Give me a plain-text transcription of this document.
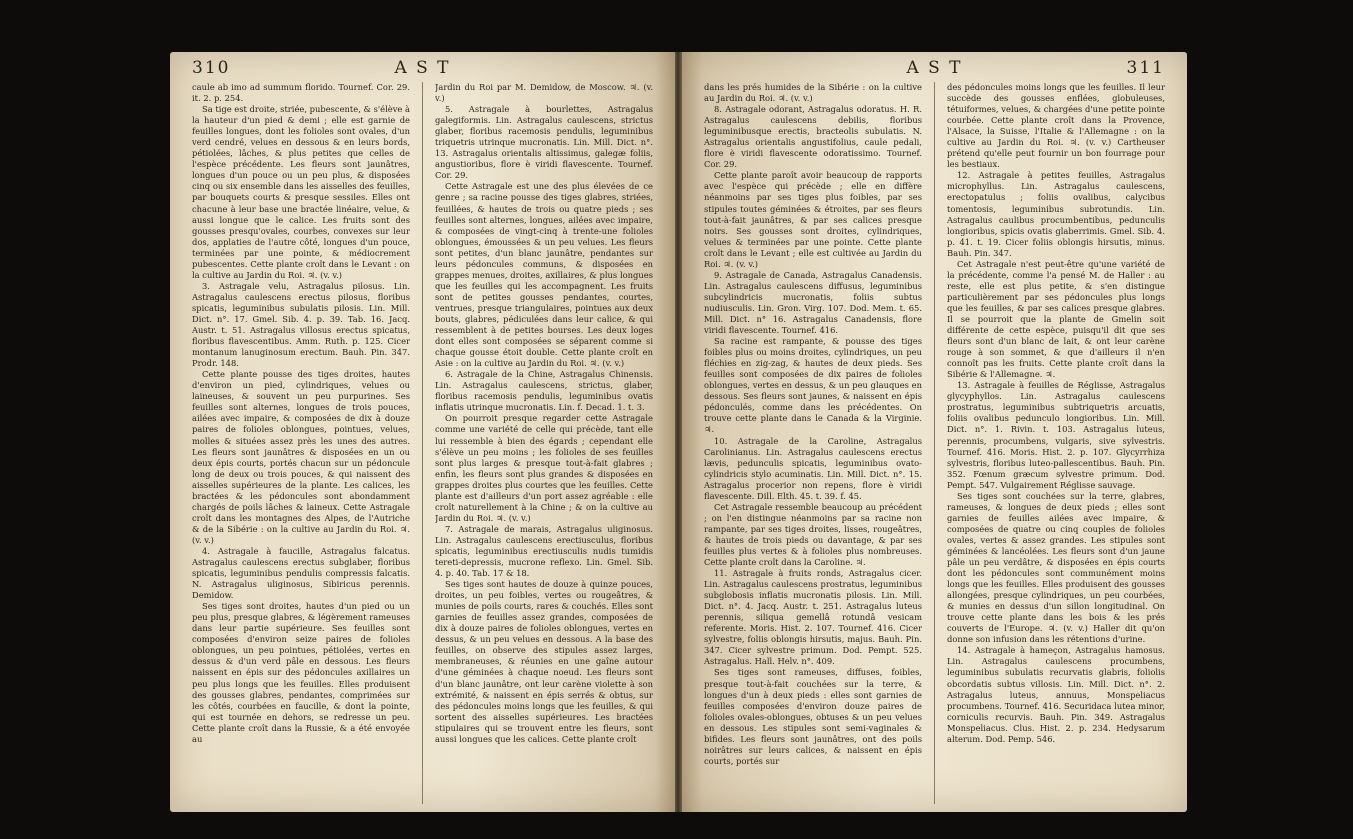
310	A S T

caule ab imo ad summum florido. Tournef. Cor. 29. it. 2. p. 254.

Sa tige est droite, striée, pubescente, & s'élève à la hauteur d'un pied & demi ; elle est garnie de feuilles longues, dont les folioles sont ovales, d'un verd cendré, velues en dessous & en leurs bords, pétiolées, lâches, & plus petites que celles de l'espèce précédente. Les fleurs sont jaunâtres, longues d'un pouce ou un peu plus, & disposées cinq ou six ensemble dans les aisselles des feuilles, par bouquets courts & presque sessiles. Elles ont chacune à leur base une bractée linéaire, velue, & aussi longue que le calice. Les fruits sont des gousses presqu'ovales, courbes, convexes sur leur dos, applaties de l'autre côté, longues d'un pouce, terminées par une pointe, & médiocrement pubescentes. Cette plante croît dans le Levant : on la cultive au Jardin du Roi. ♃. (v. v.)

3. Astragale velu, Astragalus pilosus. Lin. Astragalus caulescens erectus pilosus, floribus spicatis, leguminibus subulatis pilosis. Lin. Mill. Dict. n°. 17. Gmel. Sib. 4. p. 39. Tab. 16. Jacq. Austr. t. 51. Astragalus villosus erectus spicatus, floribus flavescentibus. Amm. Ruth. p. 125. Cicer montanum lanuginosum erectum. Bauh. Pin. 347. Prodr. 148.

Cette plante pousse des tiges droites, hautes d'environ un pied, cylindriques, velues ou laineuses, & souvent un peu purpurines. Ses feuilles sont alternes, longues de trois pouces, ailées avec impaire, & composées de dix à douze paires de folioles oblongues, pointues, velues, molles & situées assez près les unes des autres. Les fleurs sont jaunâtres & disposées en un ou deux épis courts, portés chacun sur un pédoncule long de deux ou trois pouces, & qui naissent des aisselles supérieures de la plante. Les calices, les bractées & les pédoncules sont abondamment chargés de poils lâches & laineux. Cette Astragale croît dans les montagnes des Alpes, de l'Autriche & de la Sibérie : on la cultive au Jardin du Roi. ♃. (v. v.)

4. Astragale à faucille, Astragalus falcatus. Astragalus caulescens erectus subglaber, floribus spicatis, leguminibus pendulis compressis falcatis. N. Astragalus uliginosus, Sibiricus perennis. Demidow.

Ses tiges sont droites, hautes d'un pied ou un peu plus, presque glabres, & légèrement rameuses dans leur partie supérieure. Ses feuilles sont composées d'environ seize paires de folioles oblongues, un peu pointues, pétiolées, vertes en dessus & d'un verd pâle en dessous. Les fleurs naissent en épis sur des pédoncules axillaires un peu plus longs que les feuilles. Elles produisent des gousses glabres, pendantes, comprimées sur les côtés, courbées en faucille, & dont la pointe, qui est tournée en dehors, se redresse un peu. Cette plante croît dans la Russie, & a été envoyée au

Jardin du Roi par M. Demidow, de Moscow. ♃. (v. v.)

5. Astragale à bourlettes, Astragalus galegiformis. Lin. Astragalus caulescens, strictus glaber, floribus racemosis pendulis, leguminibus triquetris utrinque mucronatis. Lin. Mill. Dict. n°. 13. Astragalus orientalis altissimus, galegæ foliis, angustioribus, flore è viridi flavescente. Tournef. Cor. 29.

Cette Astragale est une des plus élevées de ce genre ; sa racine pousse des tiges glabres, striées, feuillées, & hautes de trois ou quatre pieds ; ses feuilles sont alternes, longues, ailées avec impaire, & composées de vingt-cinq à trente-une folioles oblongues, émoussées & un peu velues. Les fleurs sont petites, d'un blanc jaunâtre, pendantes sur leurs pédoncules communs, & disposées en grappes menues, droites, axillaires, & plus longues que les feuilles qui les accompagnent. Les fruits sont de petites gousses pendantes, courtes, ventrues, presque triangulaires, pointues aux deux bouts, glabres, pédiculées dans leur calice, & qui ressemblent à de petites bourses. Les deux loges dont elles sont composées se séparent comme si chaque gousse étoit double. Cette plante croît en Asie : on la cultive au Jardin du Roi. ♃. (v. v.)

6. Astragale de la Chine, Astragalus Chinensis. Lin. Astragalus caulescens, strictus, glaber, floribus racemosis pendulis, leguminibus ovatis inflatis utrinque mucronatis. Lin. f. Decad. 1. t. 3.

On pourroit presque regarder cette Astragale comme une variété de celle qui précède, tant elle lui ressemble à bien des égards ; cependant elle s'élève un peu moins ; les folioles de ses feuilles sont plus larges & presque tout-à-fait glabres ; enfin, les fleurs sont plus grandes & disposées en grappes droites plus courtes que les feuilles. Cette plante est d'ailleurs d'un port assez agréable : elle croît naturellement à la Chine ; & on la cultive au Jardin du Roi. ♃. (v. v.)

7. Astragale de marais, Astragalus uliginosus. Lin. Astragalus caulescens erectiusculus, floribus spicatis, leguminibus erectiusculis nudis tumidis tereti-depressis, mucrone reflexo. Lin. Gmel. Sib. 4. p. 40. Tab. 17 & 18.

Ses tiges sont hautes de douze à quinze pouces, droites, un peu foibles, vertes ou rougeâtres, & munies de poils courts, rares & couchés. Elles sont garnies de feuilles assez grandes, composées de dix à douze paires de folioles oblongues, vertes en dessus, & un peu velues en dessous. A la base des feuilles, on observe des stipules assez larges, membraneuses, & réunies en une gaîne autour d'une géminées à chaque noeud. Les fleurs sont d'un blanc jaunâtre, ont leur carène violette à son extrémité, & naissent en épis serrés & obtus, sur des pédoncules moins longs que les feuilles, & qui sortent des aisselles supérieures. Les bractées stipulaires qui se trouvent entre les fleurs, sont aussi longues que les calices. Cette plante croît

A S T	311

dans les prés humides de la Sibérie : on la cultive au Jardin du Roi. ♃. (v. v.)

8. Astragale odorant, Astragalus odoratus. H. R. Astragalus caulescens debilis, floribus leguminibusque erectis, bracteolis subulatis. N. Astragalus orientalis angustifolius, caule pedali, flore è viridi flavescente odoratissimo. Tournef. Cor. 29.

Cette plante paroît avoir beaucoup de rapports avec l'espèce qui précède ; elle en diffère néanmoins par ses tiges plus foibles, par ses stipules toutes géminées & étroites, par ses fleurs tout-à-fait jaunâtres, & par ses calices presque noirs. Ses gousses sont droites, cylindriques, velues & terminées par une pointe. Cette plante croît dans le Levant ; elle est cultivée au Jardin du Roi. ♃. (v. v.)

9. Astragale de Canada, Astragalus Canadensis. Lin. Astragalus caulescens diffusus, leguminibus subcylindricis mucronatis, foliis subtus nudiusculis. Lin. Gron. Virg. 107. Dod. Mem. t. 65. Mill. Dict. n° 16. Astragalus Canadensis, flore viridi flavescente. Tournef. 416.

Sa racine est rampante, & pousse des tiges foibles plus ou moins droites, cylindriques, un peu fléchies en zig-zag, & hautes de deux pieds. Ses feuilles sont composées de dix paires de folioles oblongues, vertes en dessus, & un peu glauques en dessous. Ses fleurs sont jaunes, & naissent en épis pédonculés, comme dans les précédentes. On trouve cette plante dans le Canada & la Virginie. ♃.

10. Astragale de la Caroline, Astragalus Carolinianus. Lin. Astragalus caulescens erectus lævis, pedunculis spicatis, leguminibus ovato-cylindricis stylo acuminatis. Lin. Mill. Dict. n°. 15. Astragalus procerior non repens, flore è viridi flavescente. Dill. Elth. 45. t. 39. f. 45.

Cet Astragale ressemble beaucoup au précédent ; on l'en distingue néanmoins par sa racine non rampante, par ses tiges droites, lisses, rougeâtres, & hautes de trois pieds ou davantage, & par ses feuilles plus vertes & à folioles plus nombreuses. Cette plante croît dans la Caroline. ♃.

11. Astragale à fruits ronds, Astragalus cicer. Lin. Astragalus caulescens prostratus, leguminibus subglobosis inflatis mucronatis pilosis. Lin. Mill. Dict. n°. 4. Jacq. Austr. t. 251. Astragalus luteus perennis, siliqua gemellâ rotundâ vesicam referente. Moris. Hist. 2. 107. Tournef. 416. Cicer sylvestre, foliis oblongis hirsutis, majus. Bauh. Pin. 347. Cicer sylvestre primum. Dod. Pempt. 525. Astragalus. Hall. Helv. n°. 409.

Ses tiges sont rameuses, diffuses, foibles, presque tout-à-fait couchées sur la terre, & longues d'un à deux pieds : elles sont garnies de feuilles composées d'environ douze paires de folioles ovales-oblongues, obtuses & un peu velues en dessous. Les stipules sont semi-vaginales & bifides. Les fleurs sont jaunâtres, ont des poils noirâtres sur leurs calices, & naissent en épis courts, portés sur

des pédoncules moins longs que les feuilles. Il leur succède des gousses enflées, globuleuses, tétuiformes, velues, & chargées d'une petite pointe courbée. Cette plante croît dans la Provence, l'Alsace, la Suisse, l'Italie & l'Allemagne : on la cultive au Jardin du Roi. ♃. (v. v.) Cartheuser prétend qu'elle peut fournir un bon fourrage pour les bestiaux.

12. Astragale à petites feuilles, Astragalus microphyllus. Lin. Astragalus caulescens, erectopatulus ; foliis ovalibus, calycibus tomentosis, leguminibus subrotundis. Lin. Astragalus caulibus procumbentibus, pedunculis longioribus, spicis ovatis glaberrimis. Gmel. Sib. 4. p. 41. t. 19. Cicer foliis oblongis hirsutis, minus. Bauh. Pin. 347.

Cet Astragale n'est peut-être qu'une variété de la précédente, comme l'a pensé M. de Haller : au reste, elle est plus petite, & s'en distingue particulièrement par ses pédoncules plus longs que les feuilles, & par ses calices presque glabres. Il se pourroit que la plante de Gmelin soit différente de cette espèce, puisqu'il dit que ses fleurs sont d'un blanc de lait, & ont leur carène rouge à son sommet, & que d'ailleurs il n'en connoît pas les fruits. Cette plante croît dans la Sibérie & l'Allemagne. ♃.

13. Astragale à feuilles de Réglisse, Astragalus glycyphyllos. Lin. Astragalus caulescens prostratus, leguminibus subtriquetris arcuatis, foliis ovalibus pedunculo longioribus. Lin. Mill. Dict. n°. 1. Rivin. t. 103. Astragalus luteus, perennis, procumbens, vulgaris, sive sylvestris. Tournef. 416. Moris. Hist. 2. p. 107. Glycyrrhiza sylvestris, floribus luteo-pallescentibus. Bauh. Pin. 352. Fœnum græcum sylvestre primum. Dod. Pempt. 547. Vulgairement Réglisse sauvage.

Ses tiges sont couchées sur la terre, glabres, rameuses, & longues de deux pieds ; elles sont garnies de feuilles ailées avec impaire, & composées de quatre ou cinq couples de folioles ovales, vertes & assez grandes. Les stipules sont géminées & lancéolées. Les fleurs sont d'un jaune pâle un peu verdâtre, & disposées en épis courts dont les pédoncules sont communément moins longs que les feuilles. Elles produisent des gousses allongées, presque cylindriques, un peu courbées, & munies en dessus d'un sillon longitudinal. On trouve cette plante dans les bois & les prés couverts de l'Europe. ♃. (v. v.) Haller dit qu'on donne son infusion dans les rétentions d'urine.

14. Astragale à hameçon, Astragalus hamosus. Lin. Astragalus caulescens procumbens, leguminibus subulatis recurvatis glabris, foliolis obcordatis subtus villosis. Lin. Mill. Dict. n°. 2. Astragalus luteus, annuus, Monspeliacus procumbens. Tournef. 416. Securidaca lutea minor, corniculis recurvis. Bauh. Pin. 349. Astragalus Monspeliacus. Clus. Hist. 2. p. 234. Hedysarum alterum. Dod. Pemp. 546.
